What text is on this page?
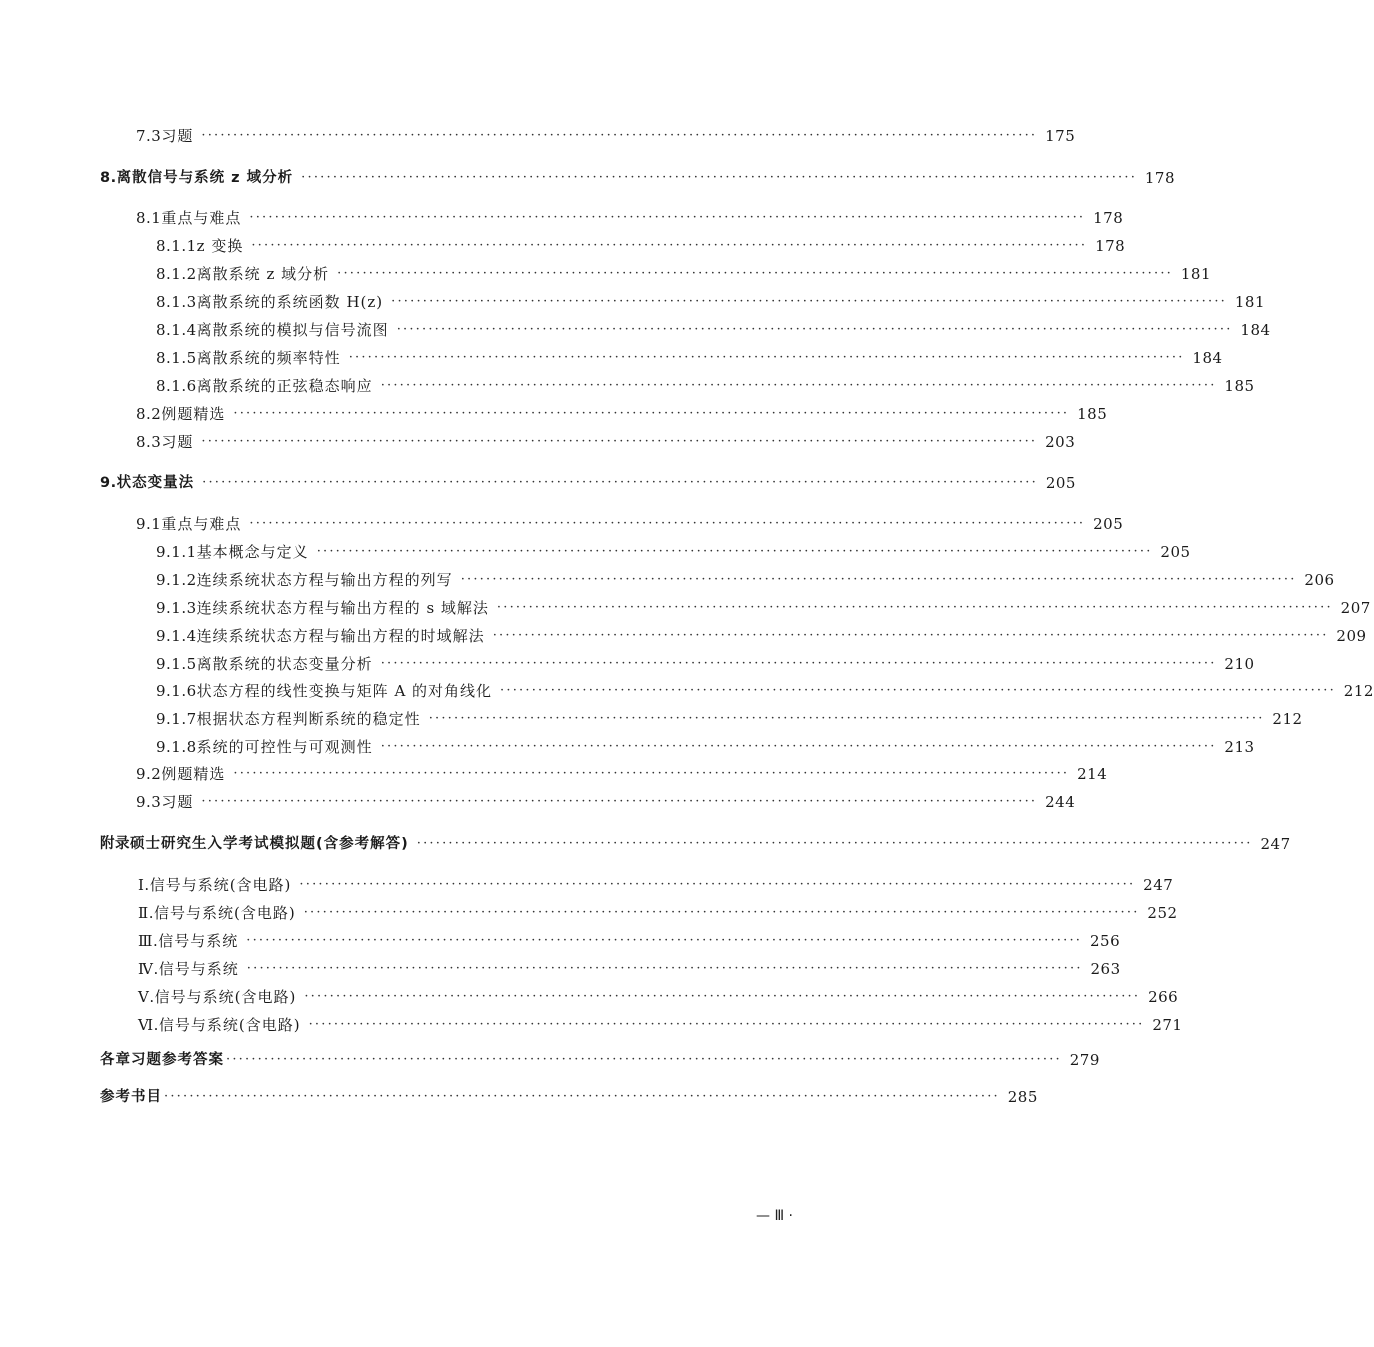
7.3 习题 ···································································································································· 175
8. 离散信号与系统 z 域分析 ···································································································································· 178
8.1 重点与难点 ···································································································································· 178
8.1.1 z 变换 ···································································································································· 178
8.1.2 离散系统 z 域分析 ···································································································································· 181
8.1.3 离散系统的系统函数 H(z) ···································································································································· 181
8.1.4 离散系统的模拟与信号流图 ···································································································································· 184
8.1.5 离散系统的频率特性 ···································································································································· 184
8.1.6 离散系统的正弦稳态响应 ···································································································································· 185
8.2 例题精选 ···································································································································· 185
8.3 习题 ···································································································································· 203
9. 状态变量法 ···································································································································· 205
9.1 重点与难点 ···································································································································· 205
9.1.1 基本概念与定义 ···································································································································· 205
9.1.2 连续系统状态方程与输出方程的列写 ···································································································································· 206
9.1.3 连续系统状态方程与输出方程的 s 域解法 ···································································································································· 207
9.1.4 连续系统状态方程与输出方程的时域解法 ···································································································································· 209
9.1.5 离散系统的状态变量分析 ···································································································································· 210
9.1.6 状态方程的线性变换与矩阵 A 的对角线化 ···································································································································· 212
9.1.7 根据状态方程判断系统的稳定性 ···································································································································· 212
9.1.8 系统的可控性与可观测性 ···································································································································· 213
9.2 例题精选 ···································································································································· 214
9.3 习题 ···································································································································· 244
附录 硕士研究生入学考试模拟题(含参考解答) ···································································································································· 247
Ⅰ. 信号与系统(含电路) ···································································································································· 247
Ⅱ. 信号与系统(含电路) ···································································································································· 252
Ⅲ. 信号与系统 ···································································································································· 256
Ⅳ. 信号与系统 ···································································································································· 263
Ⅴ. 信号与系统(含电路) ···································································································································· 266
Ⅵ. 信号与系统(含电路) ···································································································································· 271
各章习题参考答案 ···································································································································· 279
参考书目 ···································································································································· 285
— Ⅲ ·
